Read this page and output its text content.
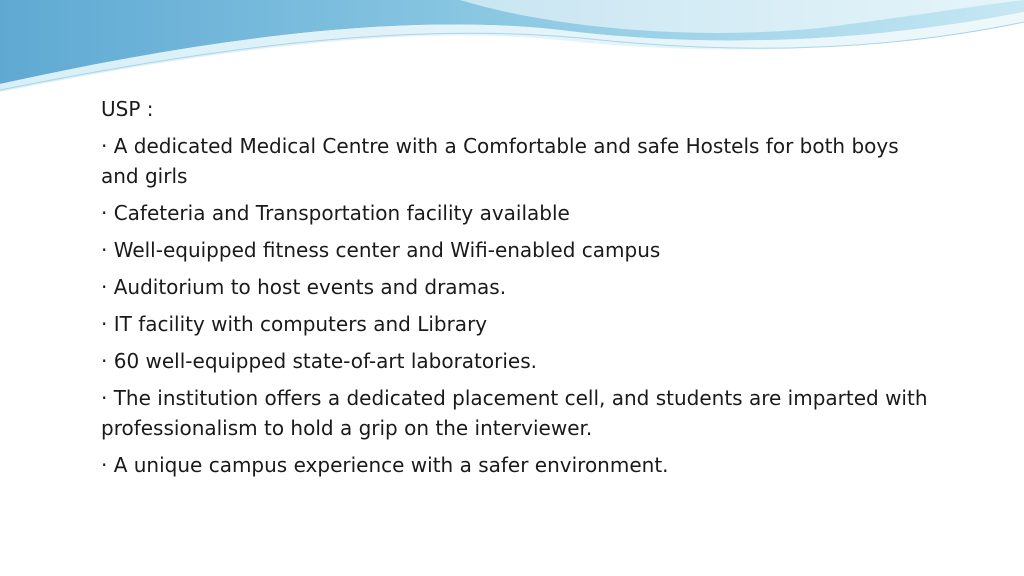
USP :

· A dedicated Medical Centre with a Comfortable and safe Hostels for both boys and girls

· Cafeteria and Transportation facility available

· Well-equipped fitness center and Wifi-enabled campus

· Auditorium to host events and dramas.

· IT facility with computers and Library

· 60 well-equipped state-of-art laboratories.

· The institution offers a dedicated placement cell, and students are imparted with professionalism to hold a grip on the interviewer.

· A unique campus experience with a safer environment.
